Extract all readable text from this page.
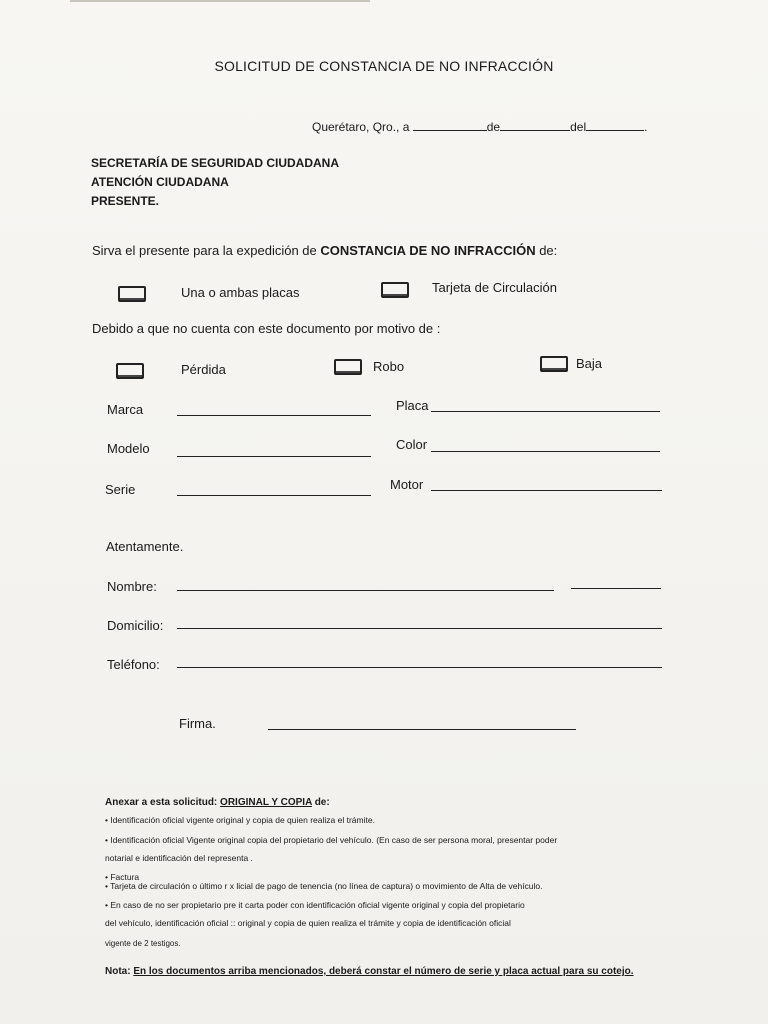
SOLICITUD DE CONSTANCIA DE NO INFRACCIÓN
Querétaro, Qro., a	de	del	.
SECRETARÍA DE SEGURIDAD CIUDADANA
ATENCIÓN CIUDADANA
PRESENTE.
Sirva el presente para la expedición de CONSTANCIA DE NO INFRACCIÓN de:
Una o ambas placas	Tarjeta de Circulación
Debido a que no cuenta con este documento por motivo de :
Pérdida	Robo	Baja
Marca	Placa
Modelo	Color
Serie	Motor
Atentamente.
Nombre:
Domicilio:
Teléfono:
Firma.
Anexar a esta solicitud: ORIGINAL Y COPIA de:
• Identificación oficial vigente original y copia de quien realiza el trámite.
• Identificación oficial Vigente original copia del propietario del vehículo. (En caso de ser persona moral, presentar poder
notarial e identificación del representa .
• Factura
• Tarjeta de circulación o último r x licial de pago de tenencia (no línea de captura) o movimiento de Alta de vehículo.
• En caso de no ser propietario pre it carta poder con identificación oficial vigente original y copia del propietario
del vehículo, identificación oficial :: original y copia de quien realiza el trámite y copia de identificación oficial
vigente de 2 testigos.
Nota: En los documentos arriba mencionados, deberá constar el número de serie y placa actual para su cotejo.
